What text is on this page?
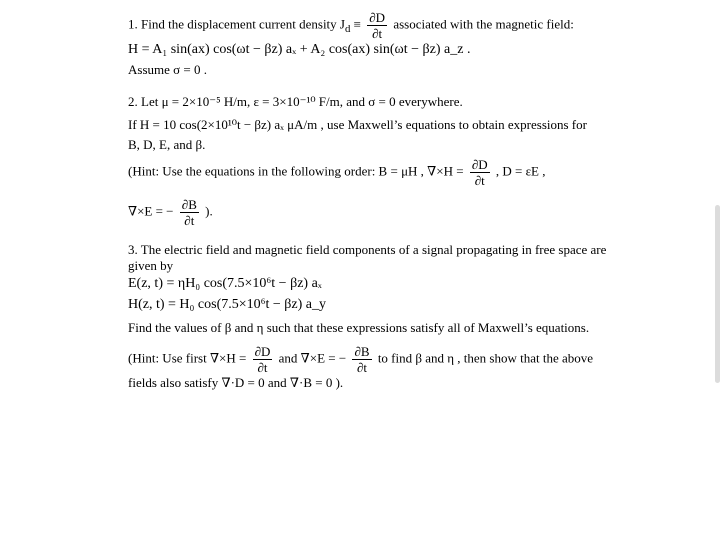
1. Find the displacement current density $J_d \equiv \frac{\partial D}{\partial t}$ associated with the magnetic field:
H = A₁ sin(ax) cos(ωt − βz) aₓ + A₂ cos(ax) sin(ωt − βz) a_z .
Assume σ = 0 .
2. Let μ = 2×10⁻⁵ H/m, ε = 3×10⁻¹⁰ F/m, and σ = 0 everywhere.
If H = 10 cos(2×10¹⁰t − βz) aₓ μA/m , use Maxwell’s equations to obtain expressions for
B, D, E, and β.
(Hint: Use the equations in the following order: B = μH , $\nabla\times H = \frac{\partial D}{\partial t}$ , D = εE ,
∇×E = − $\frac{\partial B}{\partial t}$ ).
3. The electric field and magnetic field components of a signal propagating in free space are
given by
E(z, t) = ηH₀ cos(7.5×10⁶t − βz) aₓ
H(z, t) = H₀ cos(7.5×10⁶t − βz) a_y
Find the values of β and η such that these expressions satisfy all of Maxwell’s equations.
(Hint: Use first $\nabla\times H = \frac{\partial D}{\partial t}$ and ∇×E = − $\frac{\partial B}{\partial t}$ to find β and η , then show that the above
fields also satisfy ∇·D = 0 and ∇·B = 0 ).
